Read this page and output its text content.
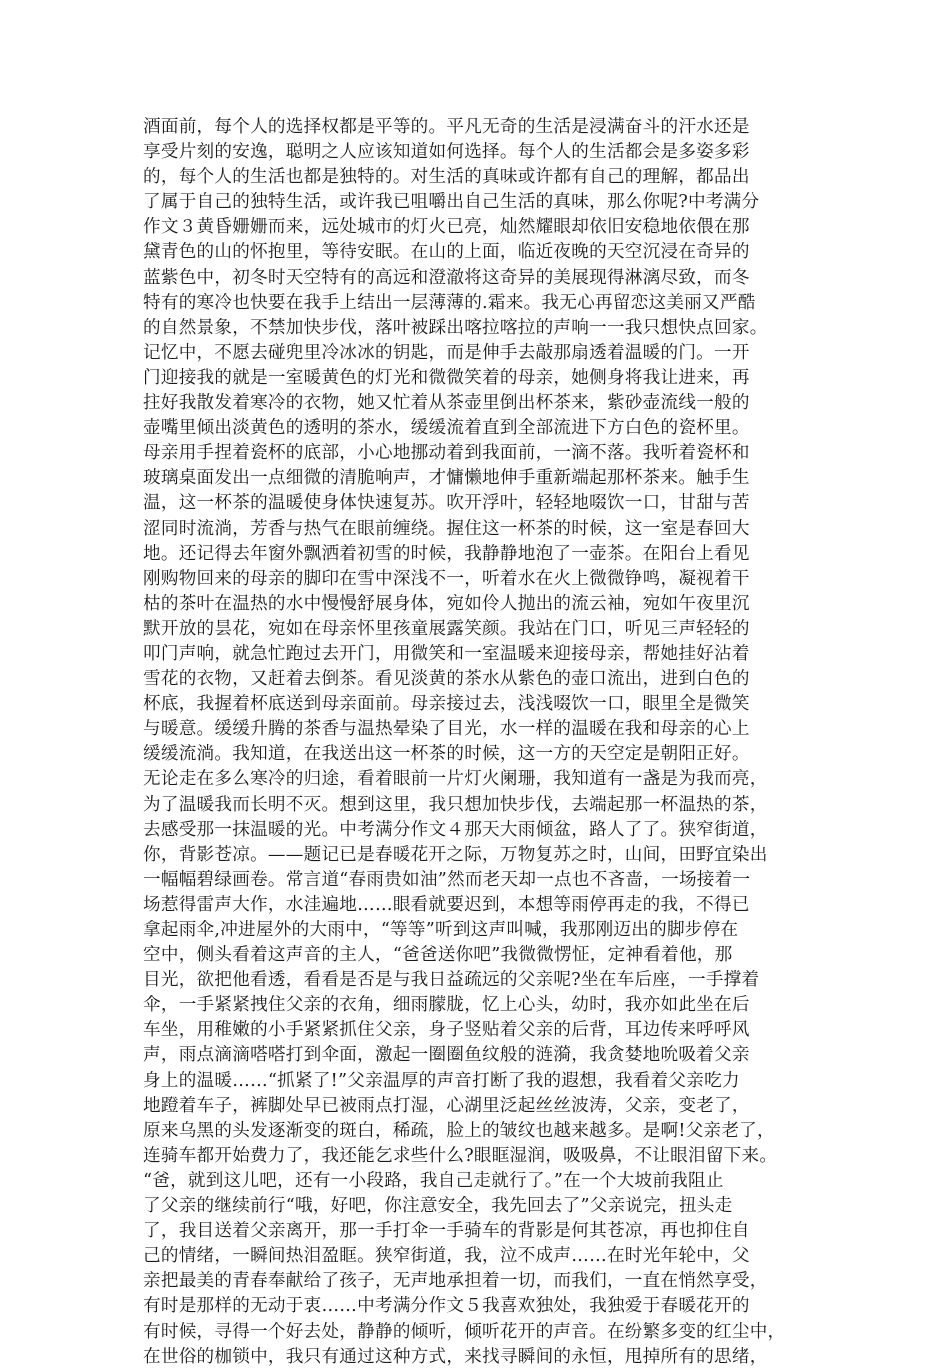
酒面前，每个人的选择权都是平等的。平凡无奇的生活是浸满奋斗的汗水还是
享受片刻的安逸，聪明之人应该知道如何选择。每个人的生活都会是多姿多彩
的，每个人的生活也都是独特的。对生活的真味或许都有自己的理解，都品出
了属于自己的独特生活，或许我已咀嚼出自己生活的真味，那么你呢?中考满分
作文３黄昏姗姗而来，远处城市的灯火已亮，灿然耀眼却依旧安稳地依偎在那
黛青色的山的怀抱里，等待安眠。在山的上面，临近夜晚的天空沉浸在奇异的
蓝紫色中，初冬时天空特有的高远和澄澈将这奇异的美展现得淋漓尽致，而冬
特有的寒冷也快要在我手上结出一层薄薄的.霜来。我无心再留恋这美丽又严酷
的自然景象，不禁加快步伐，落叶被踩出喀拉喀拉的声响一一我只想快点回家。
记忆中，不愿去碰兜里冷冰冰的钥匙，而是伸手去敲那扇透着温暖的门。一开
门迎接我的就是一室暖黄色的灯光和微微笑着的母亲，她侧身将我让进来，再
拄好我散发着寒冷的衣物，她又忙着从茶壶里倒出杯茶来，紫砂壶流线一般的
壶嘴里倾出淡黄色的透明的茶水，缓缓流着直到全部流进下方白色的瓷杯里。
母亲用手捏着瓷杯的底部，小心地挪动着到我面前，一滴不落。我听着瓷杯和
玻璃桌面发出一点细微的清脆响声，才慵懒地伸手重新端起那杯茶来。触手生
温，这一杯茶的温暖使身体快速复苏。吹开浮叶，轻轻地啜饮一口，甘甜与苦
涩同时流淌，芳香与热气在眼前缠绕。握住这一杯茶的时候，这一室是春回大
地。还记得去年窗外飘洒着初雪的时候，我静静地泡了一壶茶。在阳台上看见
刚购物回来的母亲的脚印在雪中深浅不一，听着水在火上微微铮鸣，凝视着干
枯的茶叶在温热的水中慢慢舒展身体，宛如伶人抛出的流云袖，宛如午夜里沉
默开放的昙花，宛如在母亲怀里孩童展露笑颜。我站在门口，听见三声轻轻的
叩门声响，就急忙跑过去开门，用微笑和一室温暖来迎接母亲，帮她挂好沾着
雪花的衣物，又赶着去倒茶。看见淡黄的茶水从紫色的壶口流出，进到白色的
杯底，我握着杯底送到母亲面前。母亲接过去，浅浅啜饮一口，眼里全是微笑
与暖意。缓缓升腾的茶香与温热晕染了目光，水一样的温暖在我和母亲的心上
缓缓流淌。我知道，在我送出这一杯茶的时候，这一方的天空定是朝阳正好。
无论走在多么寒冷的归途，看着眼前一片灯火阑珊，我知道有一盏是为我而亮，
为了温暖我而长明不灭。想到这里，我只想加快步伐，去端起那一杯温热的茶，
去感受那一抹温暖的光。中考满分作文４那天大雨倾盆，路人了了。狭窄街道，
你，背影苍凉。——题记已是春暖花开之际，万物复苏之时，山间，田野宜染出
一幅幅碧绿画卷。常言道“春雨贵如油”然而老天却一点也不吝啬，一场接着一
场惹得雷声大作，水洼遍地……眼看就要迟到，本想等雨停再走的我，不得已
拿起雨伞,冲进屋外的大雨中，“等等”听到这声叫喊，我那刚迈出的脚步停在
空中，侧头看着这声音的主人，“爸爸送你吧”我微微愣怔，定神看着他，那
目光，欲把他看透，看看是否是与我日益疏远的父亲呢?坐在车后座，一手撑着
伞，一手紧紧拽住父亲的衣角，细雨朦胧，忆上心头，幼时，我亦如此坐在后
车坐，用稚嫩的小手紧紧抓住父亲，身子竖贴着父亲的后背，耳边传来呼呼风
声，雨点滴滴嗒嗒打到伞面，激起一圈圈鱼纹般的涟漪，我贪婪地吮吸着父亲
身上的温暖……“抓紧了!”父亲温厚的声音打断了我的遐想，我看着父亲吃力
地蹬着车子，裤脚处早已被雨点打湿，心湖里泛起丝丝波涛，父亲，变老了，
原来乌黑的头发逐渐变的斑白，稀疏，脸上的皱纹也越来越多。是啊!父亲老了，
连骑车都开始费力了，我还能乞求些什么?眼眶湿润，吸吸鼻，不让眼泪留下来。
“爸，就到这儿吧，还有一小段路，我自己走就行了。”在一个大坡前我阻止
了父亲的继续前行“哦，好吧，你注意安全，我先回去了”父亲说完，扭头走
了，我目送着父亲离开，那一手打伞一手骑车的背影是何其苍凉，再也抑住自
己的情绪，一瞬间热泪盈眶。狭窄街道，我，泣不成声……在时光年轮中，父
亲把最美的青春奉献给了孩子，无声地承担着一切，而我们，一直在悄然享受，
有时是那样的无动于衷……中考满分作文５我喜欢独处，我独爱于春暖花开的
有时候，寻得一个好去处，静静的倾听，倾听花开的声音。在纷繁多变的红尘中，
在世俗的枷锁中，我只有通过这种方式，来找寻瞬间的永恒，甩掉所有的思绪，
